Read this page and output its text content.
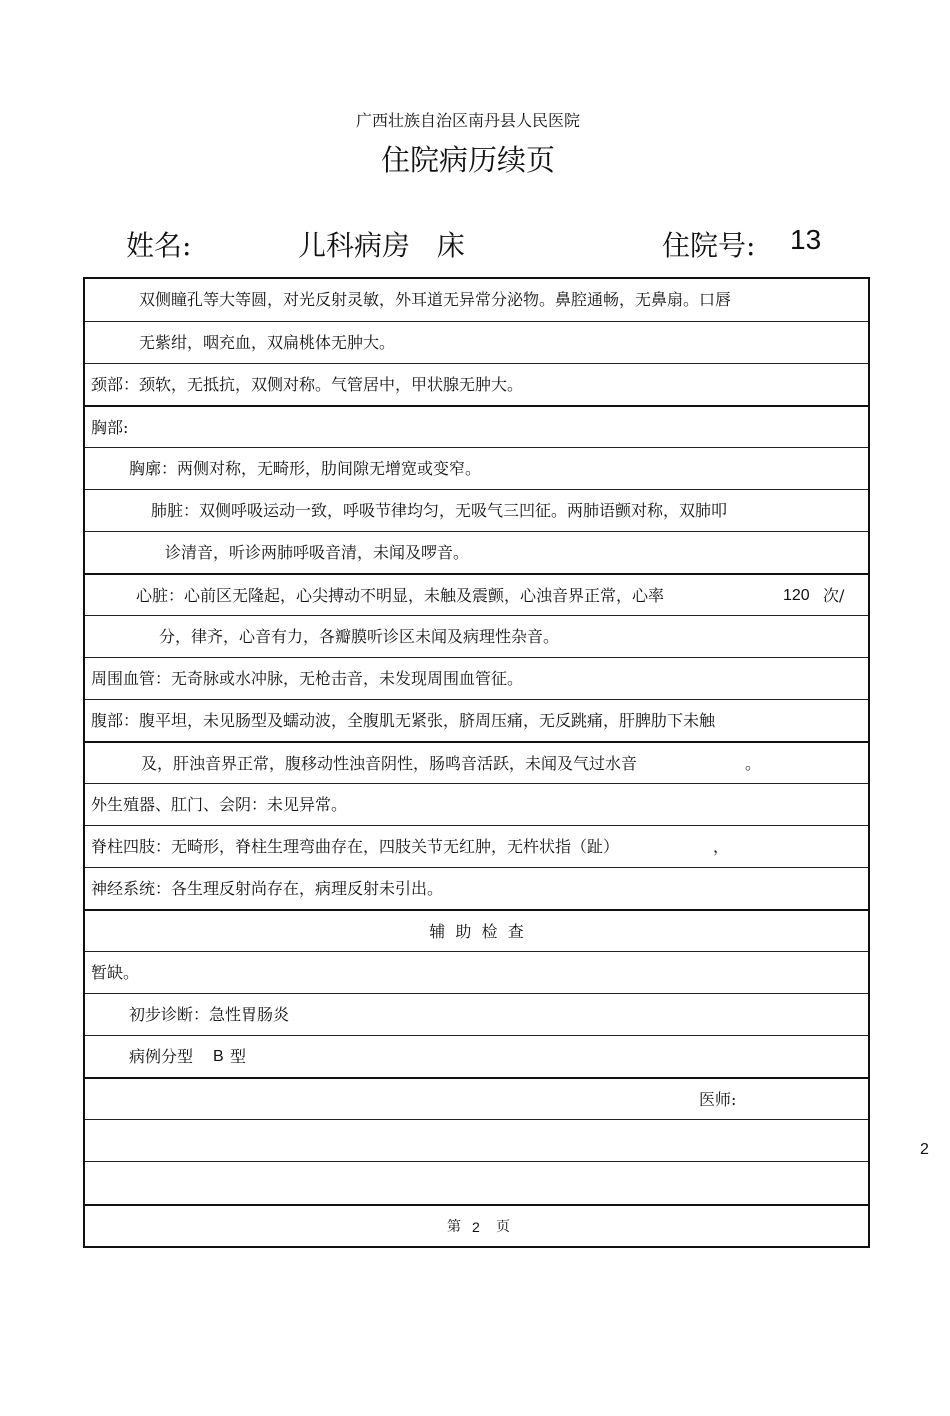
广西壮族自治区南丹县人民医院
住院病历续页
姓名:	儿科病房   床	住院号: 13

双侧瞳孔等大等圆，对光反射灵敏，外耳道无异常分泌物。鼻腔通畅，无鼻扇。口唇

无紫绀，咽充血，双扁桃体无肿大。

颈部：颈软，无抵抗，双侧对称。气管居中，甲状腺无肿大。

胸部:

胸廓：两侧对称，无畸形，肋间隙无增宽或变窄。

肺脏：双侧呼吸运动一致，呼吸节律均匀，无吸气三凹征。两肺语颤对称，双肺叩

诊清音，听诊两肺呼吸音清，未闻及啰音。

心脏：心前区无隆起，心尖搏动不明显，未触及震颤，心浊音界正常，心率

	120

次/

分，律齐，心音有力，各瓣膜听诊区未闻及病理性杂音。

周围血管：无奇脉或水冲脉，无枪击音，未发现周围血管征。

腹部：腹平坦，未见肠型及蠕动波，全腹肌无紧张，脐周压痛，无反跳痛，肝脾肋下未触

及，肝浊音界正常，腹移动性浊音阴性，肠鸣音活跃，未闻及气过水音

	。

外生殖器、肛门、会阴：未见异常。

脊柱四肢：无畸形，脊柱生理弯曲存在，四肢关节无红肿，无杵状指（趾）

	，

神经系统：各生理反射尚存在，病理反射未引出。

辅  助  检  查

暂缺。

初步诊断：急性胃肠炎

病例分型

B

型

医师:

第

2

页

2
